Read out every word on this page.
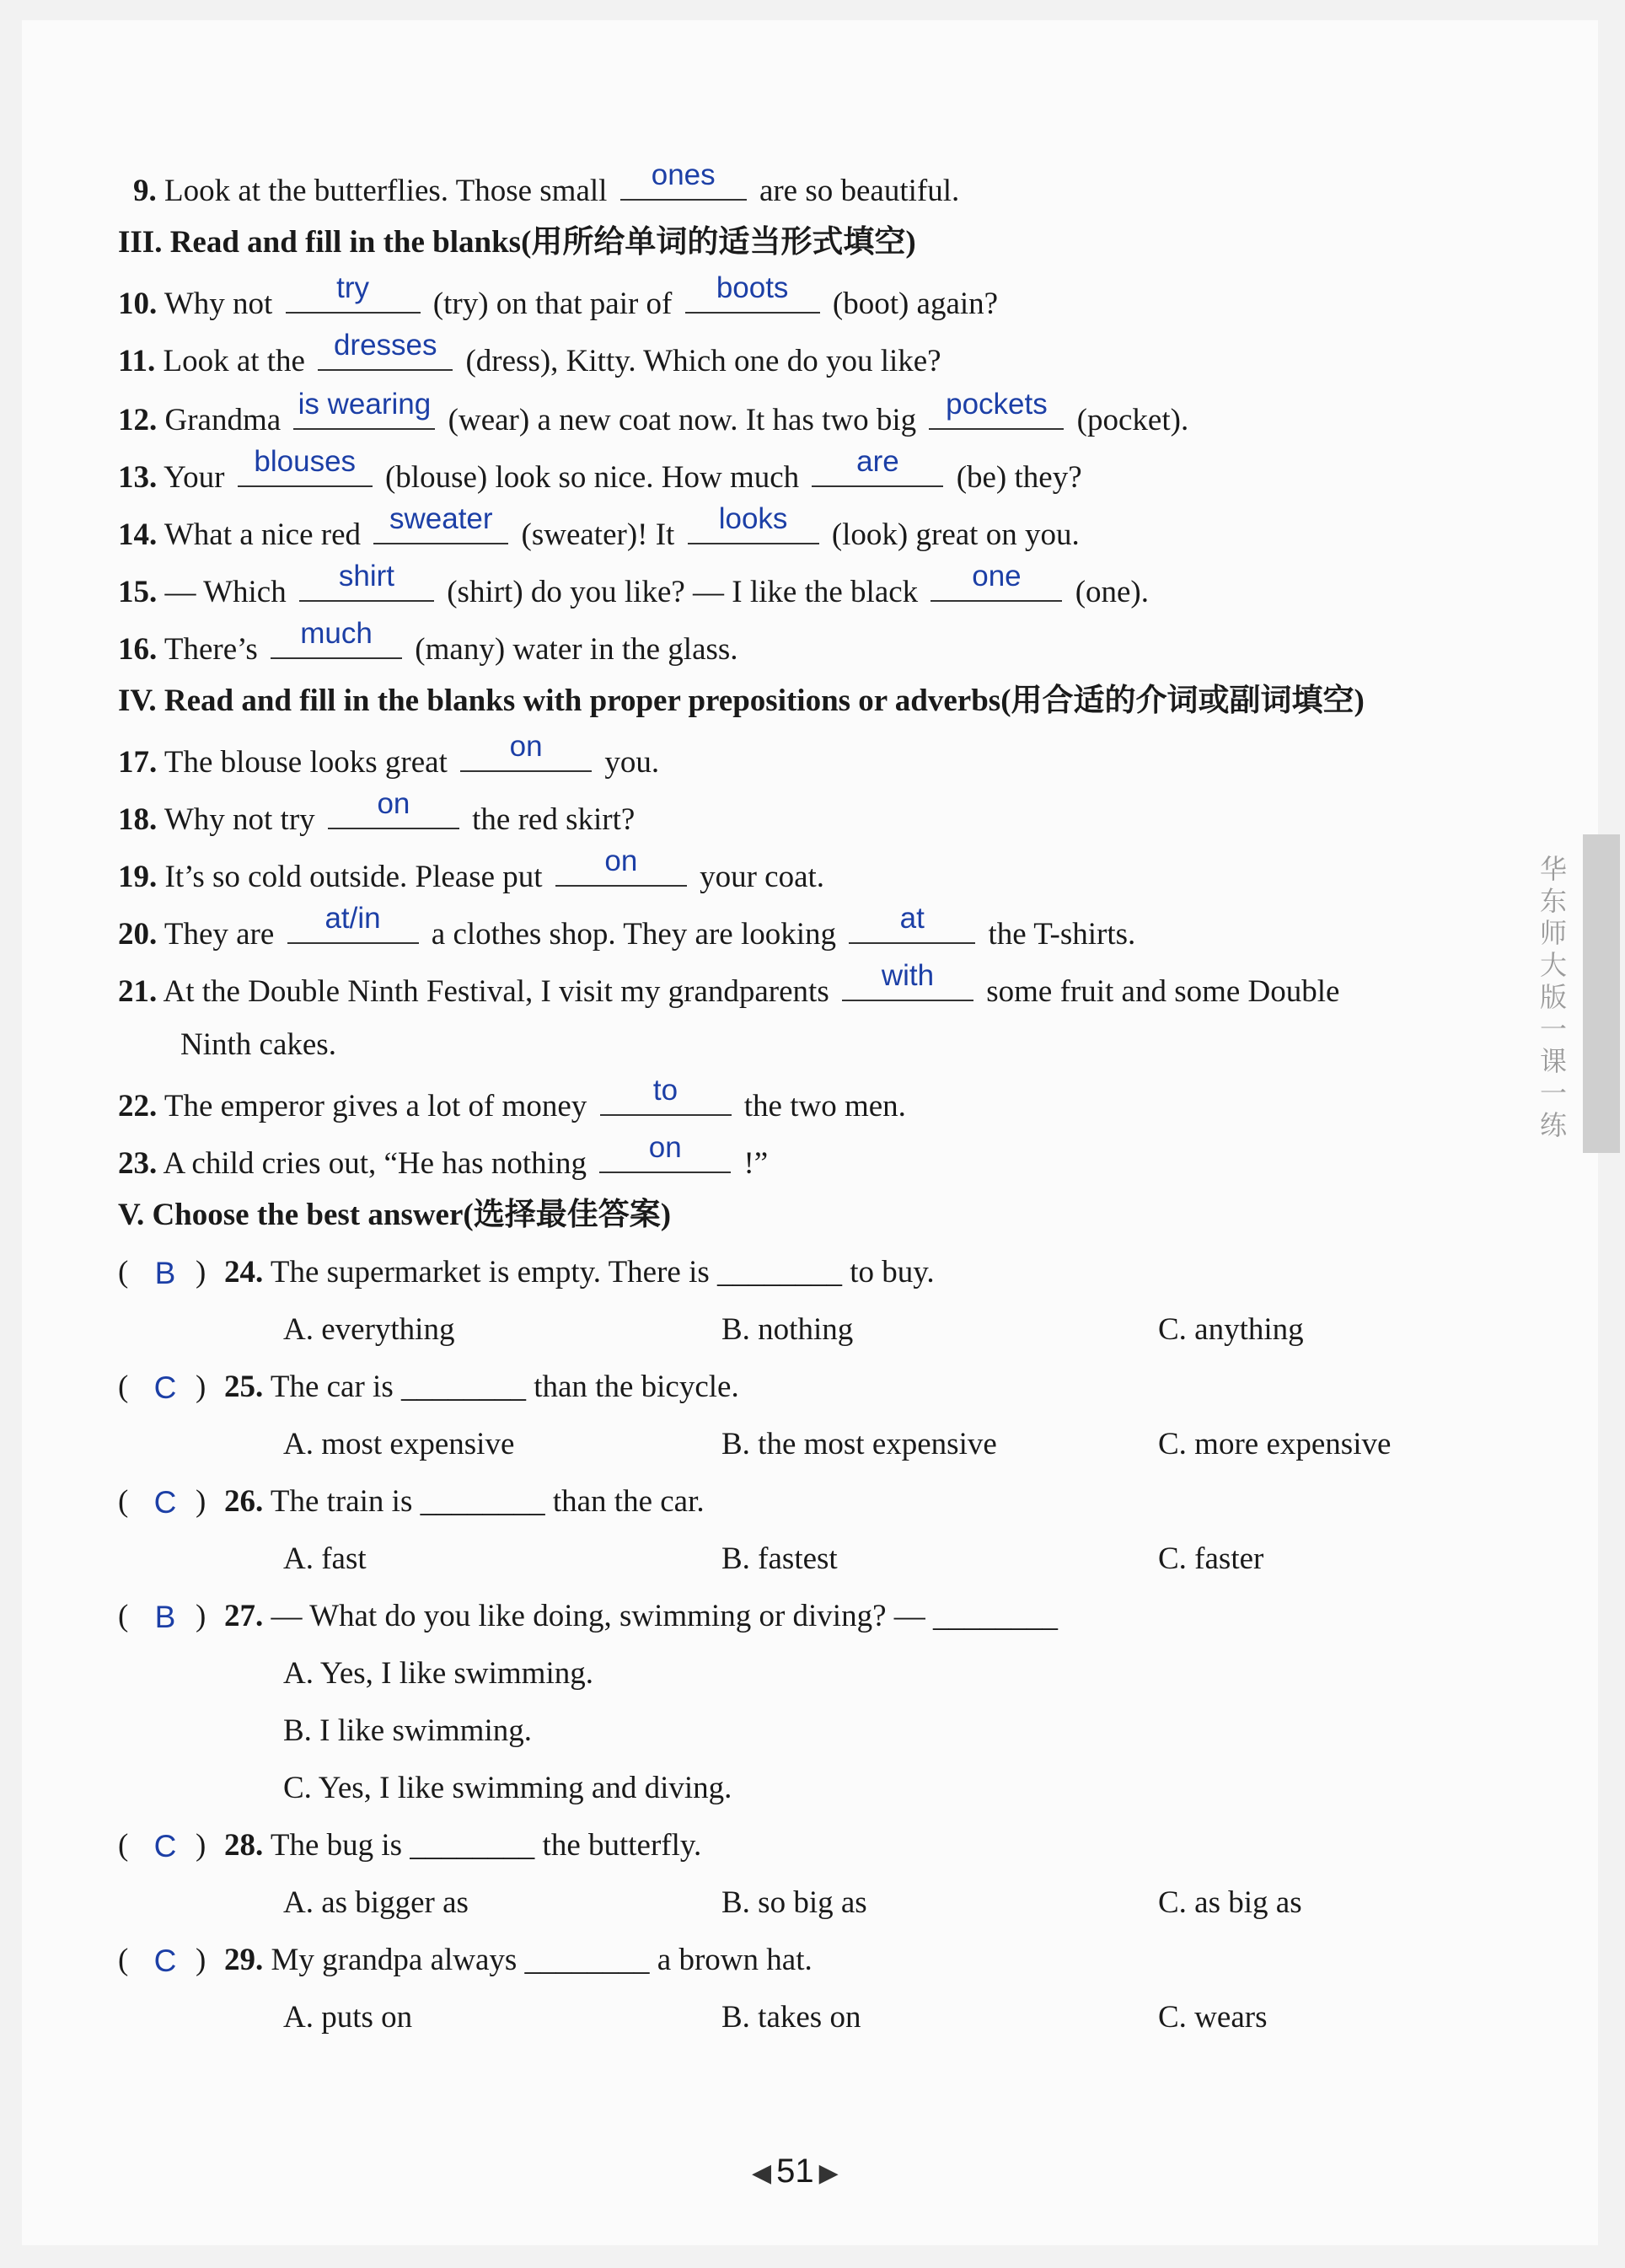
9. Look at the butterflies. Those small	ones	are so beautiful.
III. Read and fill in the blanks(用所给单词的适当形式填空)
10. Why not	try	(try) on that pair of	boots	(boot) again?
11. Look at the dresses (dress), Kitty. Which one do you like?
12. Grandma is wearing (wear) a new coat now. It has two big pockets (pocket).
13. Your blouses (blouse) look so nice. How much	are	(be) they?
14. What a nice red sweater (sweater)! It	looks	(look) great on you.
15. — Which	shirt	(shirt) do you like? — I like the black	one	(one).
16. There’s	much	(many) water in the glass.
IV. Read and fill in the blanks with proper prepositions or adverbs(用合适的介词或副词填空)
17. The blouse looks great	on	you.
18. Why not try	on	the red skirt?
19. It’s so cold outside. Please put	on	your coat.
20. They are	at/in	a clothes shop. They are looking	at	the T-shirts.
21. At the Double Ninth Festival, I visit my grandparents	with	some fruit and some Double
Ninth cakes.
22. The emperor gives a lot of money	to	the two men.
23. A child cries out, “He has nothing	on	!”
V. Choose the best answer(选择最佳答案)
( B ) 24. The supermarket is empty. There is ________ to buy.
A. everything	B. nothing	C. anything
( C ) 25. The car is ________ than the bicycle.
A. most expensive	B. the most expensive	C. more expensive
( C ) 26. The train is ________ than the car.
A. fast	B. fastest	C. faster
( B ) 27. — What do you like doing, swimming or diving? — ________
A. Yes, I like swimming.
B. I like swimming.
C. Yes, I like swimming and diving.
( C ) 28. The bug is ________ the butterfly.
A. as bigger as	B. so big as	C. as big as
( C ) 29. My grandpa always ________ a brown hat.
A. puts on	B. takes on	C. wears
华东师大版一课一练
◀ 51 ▶
